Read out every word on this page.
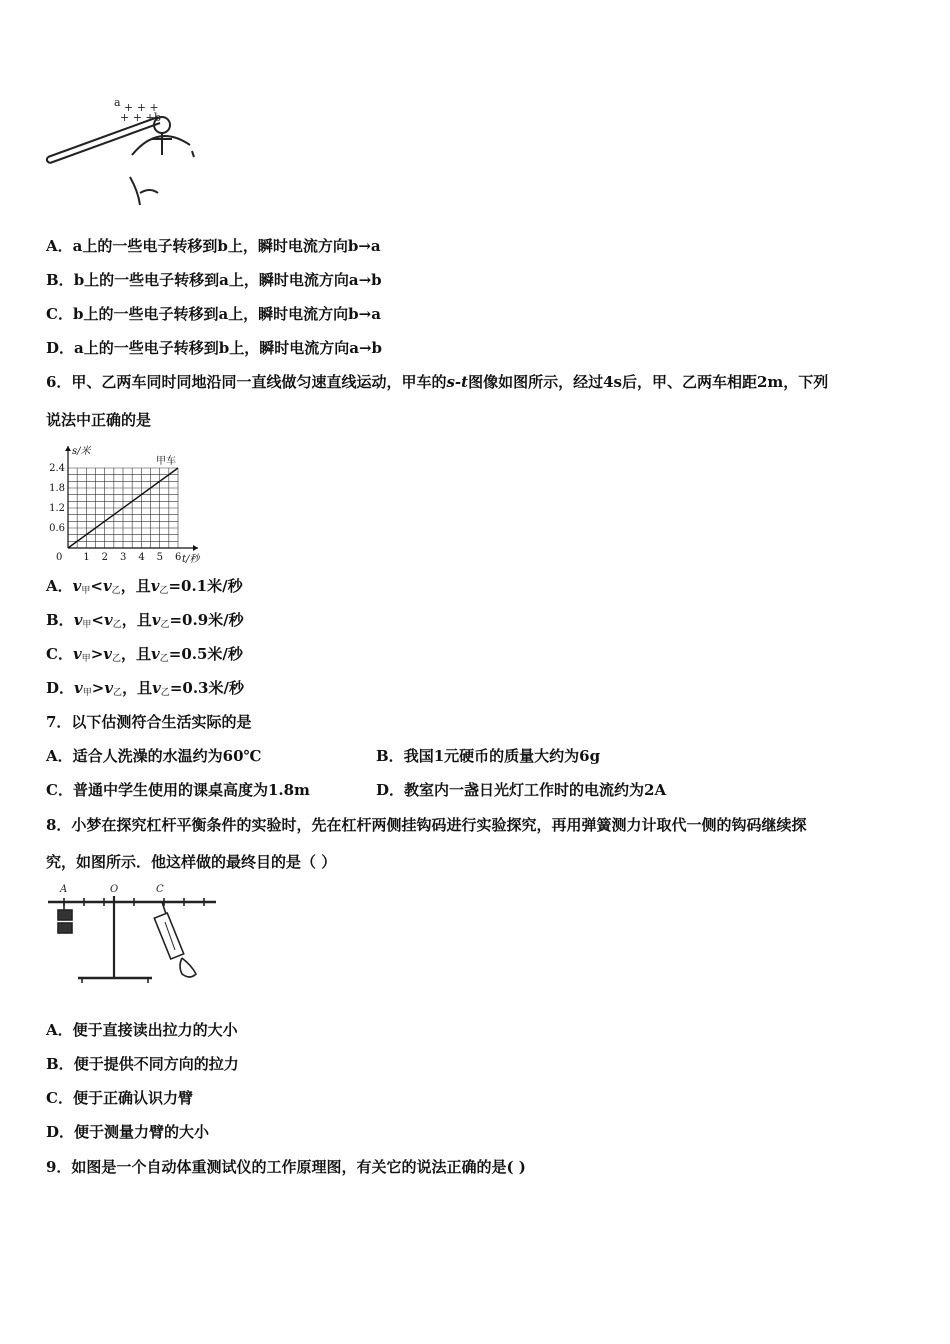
a + + +
+ + + b
A．a上的一些电子转移到b上，瞬时电流方向b→a
B．b上的一些电子转移到a上，瞬时电流方向a→b
C．b上的一些电子转移到a上，瞬时电流方向b→a
D．a上的一些电子转移到b上，瞬时电流方向a→b
6．甲、乙两车同时同地沿同一直线做匀速直线运动，甲车的s-t图像如图所示，经过4s后，甲、乙两车相距2m，下列
说法中正确的是
1 2 3 4 5 6
0.6
1.2
1.8
2.4
0
s/米
t/秒
甲车
A．$v_甲<v_乙$，且$v_乙=0.1$米/秒
B．$v_甲<v_乙$，且$v_乙=0.9$米/秒
C．$v_甲>v_乙$，且$v_乙=0.5$米/秒
D．$v_甲>v_乙$，且$v_乙=0.3$米/秒
7．以下估测符合生活实际的是
A．适合人洗澡的水温约为60℃	B．我国1元硬币的质量大约为6g
C．普通中学生使用的课桌高度为1.8m	D．教室内一盏日光灯工作时的电流约为2A
8．小梦在探究杠杆平衡条件的实验时，先在杠杆两侧挂钩码进行实验探究，再用弹簧测力计取代一侧的钩码继续探
究，如图所示．他这样做的最终目的是（ ）
A	O	C
A．便于直接读出拉力的大小
B．便于提供不同方向的拉力
C．便于正确认识力臂
D．便于测量力臂的大小
9．如图是一个自动体重测试仪的工作原理图，有关它的说法正确的是( )
